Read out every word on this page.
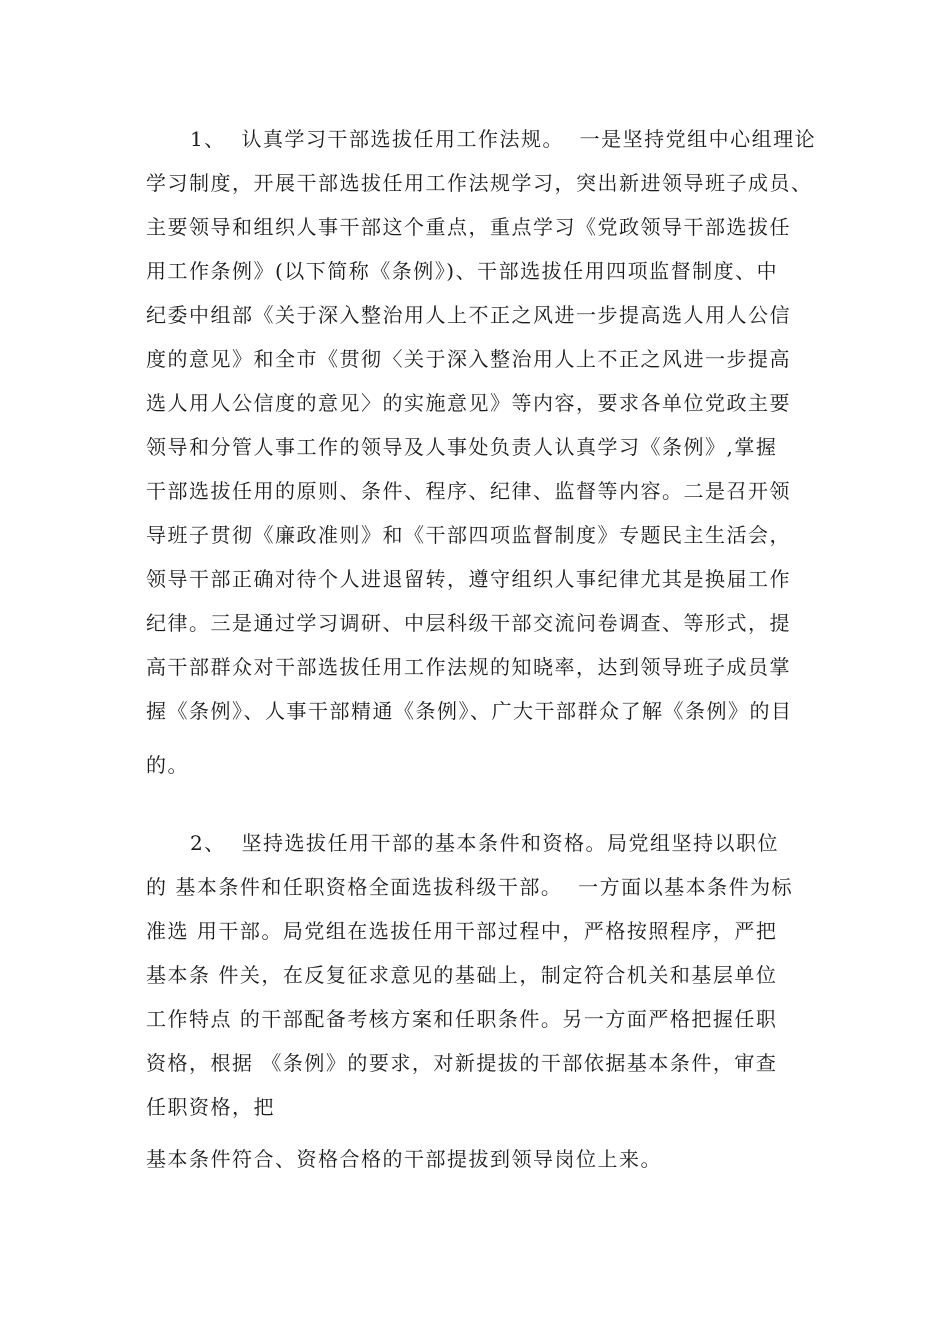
1、  认真学习干部选拔任用工作法规。  一是坚持党组中心组理论
学习制度，开展干部选拔任用工作法规学习，突出新进领导班子成员、
主要领导和组织人事干部这个重点，重点学习《党政领导干部选拔任
用工作条例》(以下简称《条例》)、干部选拔任用四项监督制度、中
纪委中组部《关于深入整治用人上不正之风进一步提高选人用人公信
度的意见》和全市《贯彻〈关于深入整治用人上不正之风进一步提高
选人用人公信度的意见〉的实施意见》等内容，要求各单位党政主要
领导和分管人事工作的领导及人事处负责人认真学习《条例》,掌握
干部选拔任用的原则、条件、程序、纪律、监督等内容。二是召开领
导班子贯彻《廉政准则》和《干部四项监督制度》专题民主生活会，
领导干部正确对待个人进退留转，遵守组织人事纪律尤其是换届工作
纪律。三是通过学习调研、中层科级干部交流问卷调查、等形式，提
高干部群众对干部选拔任用工作法规的知晓率，达到领导班子成员掌
握《条例》、人事干部精通《条例》、广大干部群众了解《条例》的目
的。
2、  坚持选拔任用干部的基本条件和资格。局党组坚持以职位
的 基本条件和任职资格全面选拔科级干部。  一方面以基本条件为标
准选 用干部。局党组在选拔任用干部过程中，严格按照程序，严把
基本条 件关，在反复征求意见的基础上，制定符合机关和基层单位
工作特点 的干部配备考核方案和任职条件。另一方面严格把握任职
资格，根据 《条例》的要求，对新提拔的干部依据基本条件，审查
任职资格，把
基本条件符合、资格合格的干部提拔到领导岗位上来。
